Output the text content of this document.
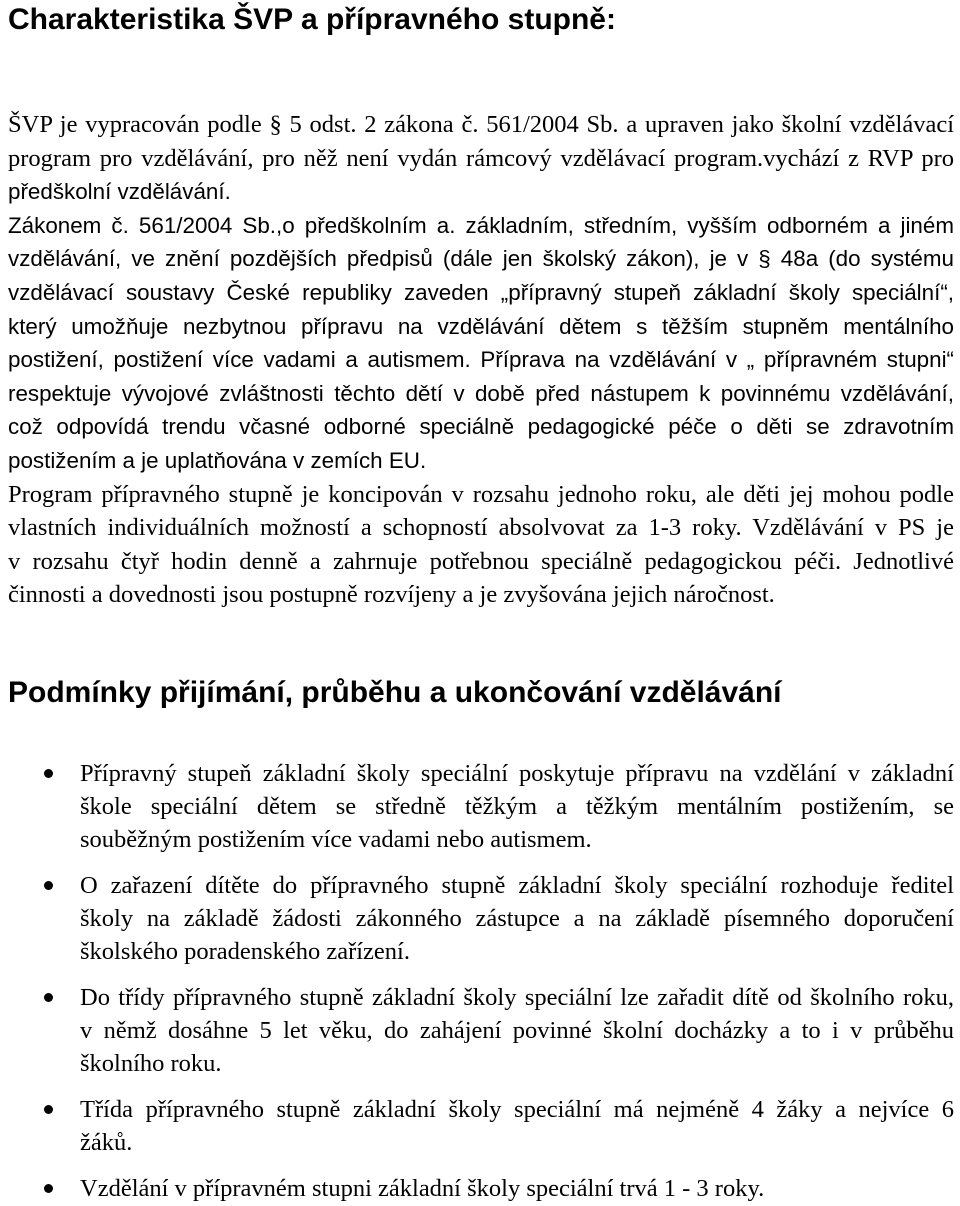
Charakteristika ŠVP a přípravného stupně:
ŠVP je vypracován podle § 5 odst. 2 zákona č. 561/2004 Sb. a upraven jako školní vzdělávací
program pro vzdělávání, pro něž není vydán rámcový vzdělávací program.vychází z RVP pro
předškolní vzdělávání.
Zákonem č. 561/2004 Sb.,o předškolním a. základním, středním, vyšším odborném a jiném
vzdělávání, ve znění pozdějších předpisů (dále jen školský zákon), je v § 48a (do systému
vzdělávací soustavy České republiky zaveden „přípravný stupeň základní školy speciální“,
který umožňuje nezbytnou přípravu na vzdělávání dětem s těžším stupněm mentálního
postižení, postižení více vadami a autismem. Příprava na vzdělávání v „ přípravném stupni“
respektuje vývojové zvláštnosti těchto dětí v době před nástupem k povinnému vzdělávání,
což odpovídá trendu včasné odborné speciálně pedagogické péče o děti se zdravotním
postižením a je uplatňována v zemích EU.
Program přípravného stupně je koncipován v rozsahu jednoho roku, ale děti jej mohou podle
vlastních individuálních možností a schopností absolvovat za 1-3 roky. Vzdělávání v PS je
v rozsahu čtyř hodin denně a zahrnuje potřebnou speciálně pedagogickou péči. Jednotlivé
činnosti a dovednosti jsou postupně rozvíjeny a je zvyšována jejich náročnost.
Podmínky přijímání, průběhu a ukončování vzdělávání
Přípravný stupeň základní školy speciální poskytuje přípravu na vzdělání v základní
škole speciální dětem se středně těžkým a těžkým mentálním postižením, se
souběžným postižením více vadami nebo autismem.
O zařazení dítěte do přípravného stupně základní školy speciální rozhoduje ředitel
školy na základě žádosti zákonného zástupce a na základě písemného doporučení
školského poradenského zařízení.
Do třídy přípravného stupně základní školy speciální lze zařadit dítě od školního roku,
v němž dosáhne 5 let věku, do zahájení povinné školní docházky a to i v průběhu
školního roku.
Třída přípravného stupně základní školy speciální má nejméně 4 žáky a nejvíce 6
žáků.
Vzdělání v přípravném stupni základní školy speciální trvá 1 - 3 roky.
